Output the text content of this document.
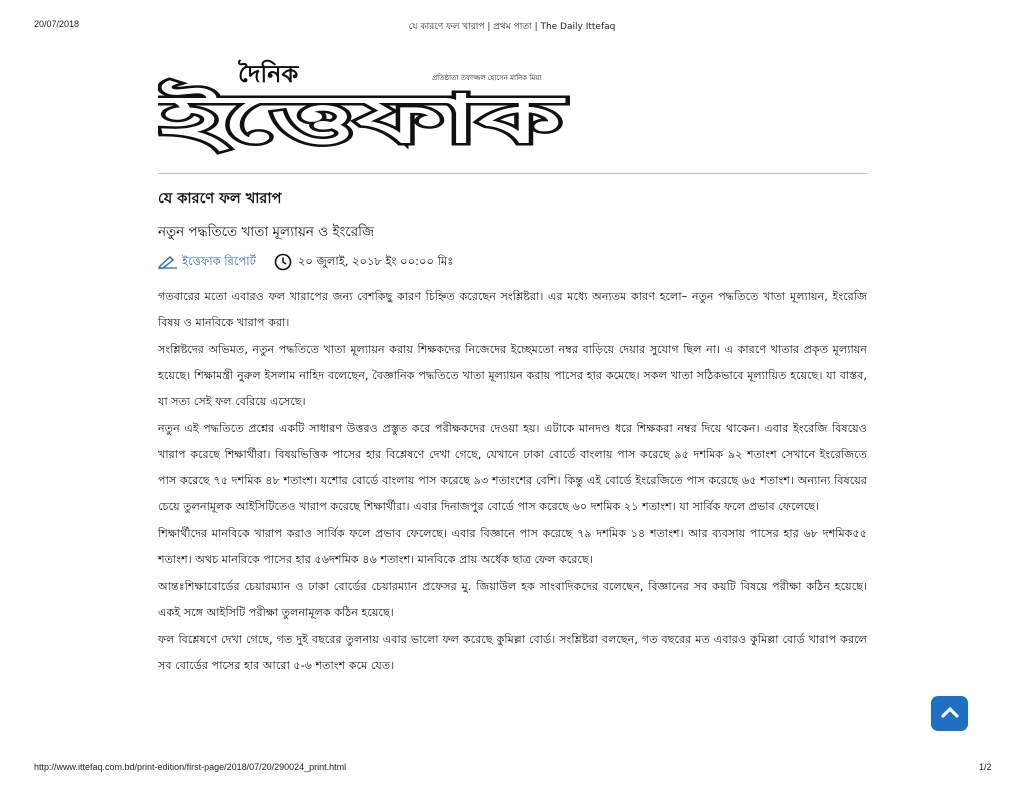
20/07/2018	যে কারণে ফল খারাপ | প্রথম পাতা | The Daily Ittefaq
দৈনিক
ইত্তেফাক
প্রতিষ্ঠাতা তফাজ্জল হোসেন মানিক মিয়া
যে কারণে ফল খারাপ
নতুন পদ্ধতিতে খাতা মূল্যায়ন ও ইংরেজি
ইত্তেফাক রিপোর্ট	২০ জুলাই, ২০১৮ ইং ০০:০০ মিঃ

গতবারের মতো এবারও ফল খারাপের জন্য বেশকিছু কারণ চিহ্নিত করেছেন সংশ্লিষ্টরা। এর মধ্যে অন্যতম কারণ হলো– নতুন পদ্ধতিতে খাতা মূল্যায়ন, ইংরেজি বিষয় ও মানবিকে খারাপ করা।

সংশ্লিষ্টদের অভিমত, নতুন পদ্ধতিতে খাতা মূল্যায়ন করায় শিক্ষকদের নিজেদের ইচ্ছেমতো নম্বর বাড়িয়ে দেয়ার সুযোগ ছিল না। এ কারণে খাতার প্রকৃত মূল্যায়ন হয়েছে। শিক্ষামন্ত্রী নুরুল ইসলাম নাহিদ বলেছেন, বৈজ্ঞানিক পদ্ধতিতে খাতা মূল্যায়ন করায় পাসের হার কমেছে। সকল খাতা সঠিকভাবে মূল্যায়িত হয়েছে। যা বাস্তব, যা সত্য সেই ফল বেরিয়ে এসেছে।

নতুন এই পদ্ধতিতে প্রশ্নের একটি সাধারণ উত্তরও প্রস্তুত করে পরীক্ষকদের দেওয়া হয়। এটাকে মানদণ্ড ধরে শিক্ষকরা নম্বর দিয়ে থাকেন। এবার ইংরেজি বিষয়েও খারাপ করেছে শিক্ষার্থীরা। বিষয়ভিত্তিক পাসের হার বিশ্লেষণে দেখা গেছে, যেখানে ঢাকা বোর্ডে বাংলায় পাস করেছে ৯৫ দশমিক ৯২ শতাংশ সেখানে ইংরেজিতে পাস করেছে ৭৫ দশমিক ৪৮ শতাংশ। যশোর বোর্ডে বাংলায় পাস করেছে ৯৩ শতাংশের বেশি। কিন্তু এই বোর্ডে ইংরেজিতে পাস করেছে ৬৫ শতাংশ। অন্যান্য বিষয়ের চেয়ে তুলনামূলক আইসিটিতেও খারাপ করেছে শিক্ষার্থীরা। এবার দিনাজপুর বোর্ডে পাস করেছে ৬০ দশমিক ২১ শতাংশ। যা সার্বিক ফলে প্রভাব ফেলেছে।

শিক্ষার্থীদের মানবিকে খারাপ করাও সার্বিক ফলে প্রভাব ফেলেছে। এবার বিজ্ঞানে পাস করেছে ৭৯ দশমিক ১৪ শতাংশ। আর ব্যবসায় পাসের হার ৬৮ দশমিক৫৫ শতাংশ। অথচ মানবিকে পাসের হার ৫৬দশমিক ৪৬ শতাংশ। মানবিকে প্রায় অর্ধেক ছাত্র ফেল করেছে।

আন্তঃশিক্ষাবোর্ডের চেয়ারম্যান ও ঢাকা বোর্ডের চেয়ারম্যান প্রফেসর মু. জিয়াউল হক সাংবাদিকদের বলেছেন, বিজ্ঞানের সব কয়টি বিষয়ে পরীক্ষা কঠিন হয়েছে। একই সঙ্গে আইসিটি পরীক্ষা তুলনামূলক কঠিন হয়েছে।

ফল বিশ্লেষণে দেখা গেছে, গত দুই বছরের তুলনায় এবার ভালো ফল করেছে কুমিল্লা বোর্ড। সংশ্লিষ্টরা বলছেন, গত বছরের মত এবারও কুমিল্লা বোর্ড খারাপ করলে সব বোর্ডের পাসের হার আরো ৫-৬ শতাংশ কমে যেত।

http://www.ittefaq.com.bd/print-edition/first-page/2018/07/20/290024_print.html	1/2
